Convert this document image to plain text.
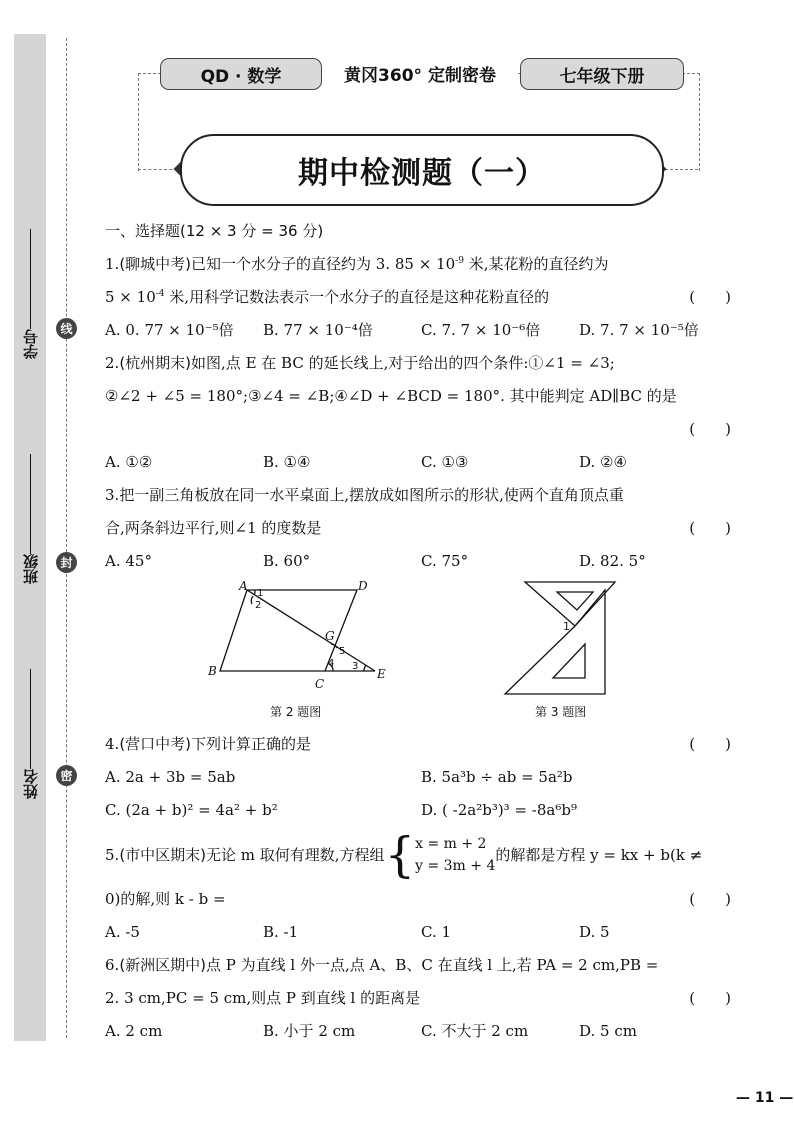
线
封
密
学号
班级
姓名
QD · 数学	黄冈360° 定制密卷	七年级下册
期中检测题（一）
一、选择题(12 × 3 分 = 36 分)
1.(聊城中考)已知一个水分子的直径约为 3. $85 \times 10^{-9}$ 米,某花粉的直径约为
$5 \times 10^{-4}$ 米,用科学记数法表示一个水分子的直径是这种花粉直径的	(　　)
A. 0. 77 × 10⁻⁵倍	B. 77 × 10⁻⁴倍	C. 7. 7 × 10⁻⁶倍	D. 7. 7 × 10⁻⁵倍
2.(杭州期末)如图,点 E 在 BC 的延长线上,对于给出的四个条件:①∠1 = ∠3;
②∠2 + ∠5 = 180°;③∠4 = ∠B;④∠D + ∠BCD = 180°. 其中能判定 AD∥BC 的是
(　　)
A. ①②	B. ①④	C. ①③	D. ②④
3.把一副三角板放在同一水平桌面上,摆放成如图所示的形状,使两个直角顶点重
合,两条斜边平行,则∠1 的度数是	(　　)
A. 45°	B. 60°	C. 75°	D. 82. 5°
A	D
B
C
E
G
1
2
3
4
5
1
第 2 题图	第 3 题图
4.(营口中考)下列计算正确的是	(　　)
A. 2a + 3b = 5ab	B. 5a³b ÷ ab = 5a²b
C. (2a + b)² = 4a² + b²	D. ( -2a²b³)³ = -8a⁶b⁹
5. (市中区期末) 无论 m 取何有理数,方程组 { x = m + 2
y = 3m + 4
的解都是方程 y = kx + b(k ≠
0)的解,则 k - b =	(　　)
A. -5	B. -1	C. 1	D. 5
6.(新洲区期中)点 P 为直线 l 外一点,点 A、B、C 在直线 l 上,若 PA = 2 cm,PB =
2. 3 cm,PC = 5 cm,则点 P 到直线 l 的距离是	(　　)
A. 2 cm	B. 小于 2 cm	C. 不大于 2 cm	D. 5 cm
— 11 —
